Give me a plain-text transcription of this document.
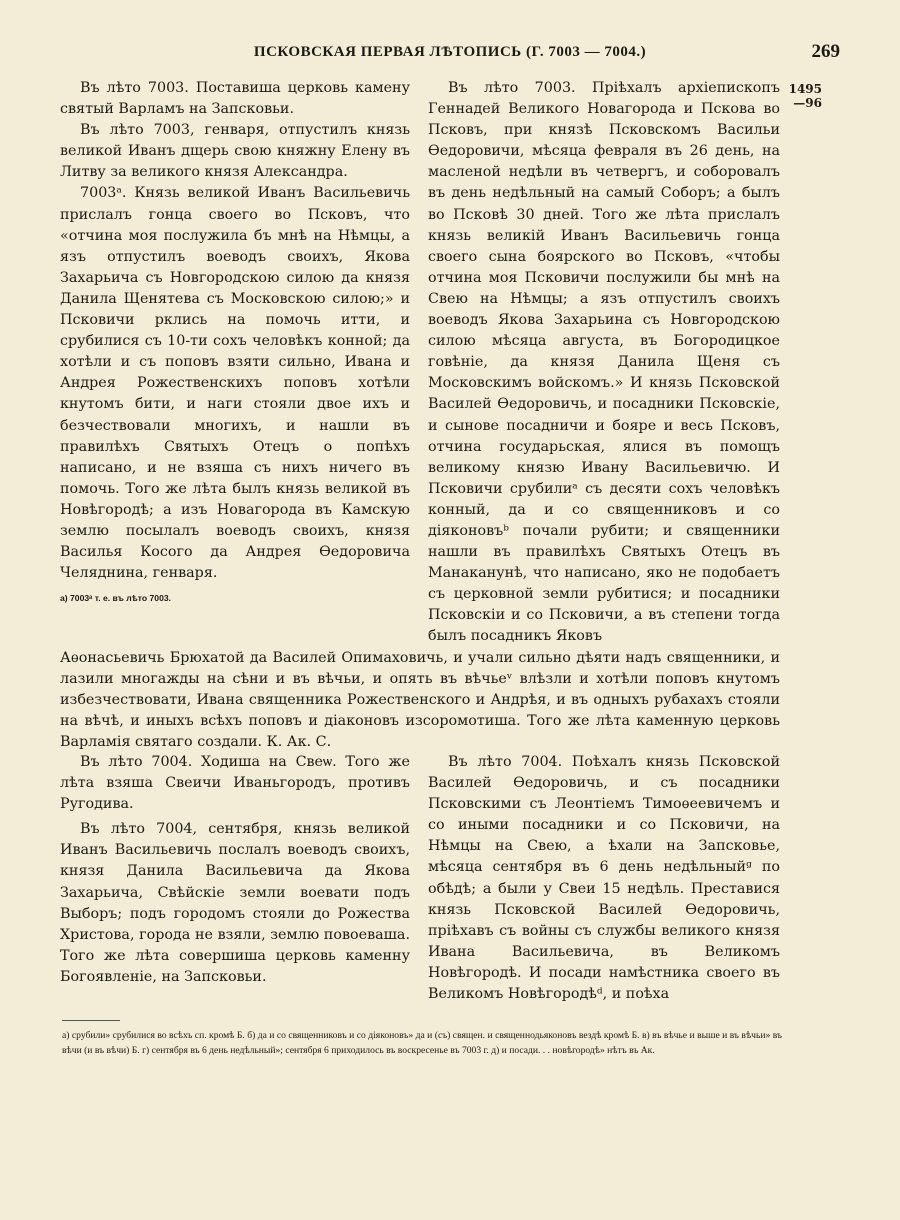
ПСКОВСКАЯ ПЕРВАЯ ЛѢТОПИСЬ (Г. 7003 — 7004.)	269
1495
—96

Въ лѣто 7003. Поставиша церковь камену святый Варламъ на Запсковьи.

Въ лѣто 7003, генваря, отпустилъ князь великой Иванъ дщерь свою княжну Елену въ Литву за великого князя Александра.

7003ᵃ. Князь великой Иванъ Васильевичь прислалъ гонца своего во Псковъ, что «отчина моя послужила бъ мнѣ на Нѣмцы, а язъ отпустилъ воеводъ своихъ, Якова Захарьича съ Новгородскою силою да князя Данила Щенятева съ Московскою силою;» и Псковичи рклись на помочь итти, и срубилися съ 10-ти сохъ человѣкъ конной; да хотѣли и съ поповъ взяти сильно, Ивана и Андрея Рожественскихъ поповъ хотѣли кнутомъ бити, и наги стояли двое ихъ и безчествовали многихъ, и нашли въ правилѣхъ Святыхъ Отецъ о попѣхъ написано, и не взяша съ нихъ ничего въ помочь. Того же лѣта былъ князь великой въ Новѣгородѣ; а изъ Новагорода въ Камскую землю посылалъ воеводъ своихъ, князя Василья Косого да Андрея Ѳедоровича Челяднина, генваря.

а) 7003ᵃ т. е. въ лѣто 7003.

Въ лѣто 7003. Пріѣхалъ архіепископъ Геннадей Великого Новагорода и Пскова во Псковъ, при князѣ Псковскомъ Васильи Ѳедоровичи, мѣсяца февраля въ 26 день, на масленой недѣли въ четвергъ, и соборовалъ въ день недѣльный на самый Соборъ; а былъ во Псковѣ 30 дней. Того же лѣта прислалъ князь великій Иванъ Васильевичь гонца своего сына боярского во Псковъ, «чтобы отчина моя Псковичи послужили бы мнѣ на Свею на Нѣмцы; а язъ отпустилъ своихъ воеводъ Якова Захарьина съ Новгородскою силою мѣсяца августа, въ Богородицкое говѣніе, да князя Данила Щеня съ Московскимъ войскомъ.» И князь Псковской Василей Ѳедоровичь, и посадники Псковскіе, и сынове посадничи и бояре и весь Псковъ, отчина государьская, ялися въ помощъ великому князю Ивану Васильевичю. И Псковичи срубилиᵃ съ десяти сохъ человѣкъ конный, да и со священниковъ и со діяконовъᵇ почали рубити; и священники нашли въ правилѣхъ Святыхъ Отецъ въ Манаканунѣ, что написано, яко не подобаетъ съ церковной земли рубитися; и посадники Псковскіи и со Псковичи, а въ степени тогда былъ посадникъ Яковъ

Аѳонасьевичь Брюхатой да Василей Опимаховичь, и учали сильно дѣяти надъ священники, и лазили многажды на сѣни и въ вѣчьи, и опять въ вѣчьеᵛ влѣзли и хотѣли поповъ кнутомъ избезчествовати, Ивана священника Рожественского и Андрѣя, и въ одныхъ рубахахъ стояли на вѣчѣ, и иныхъ всѣхъ поповъ и діаконовъ изсоромотиша. Того же лѣта каменную церковь Варламія святаго создали. К. Ак. С.

Въ лѣто 7004. Ходиша на Свеѡ. Того же лѣта взяша Свеичи Иваньгородъ, противъ Ругодива.

Въ лѣто 7004, сентября, князь великой Иванъ Васильевичь послалъ воеводъ своихъ, князя Данила Васильевича да Якова Захарьича, Свѣйскіе земли воевати подъ Выборъ; подъ городомъ стояли до Рожества Христова, города не взяли, землю повоеваша. Того же лѣта совершиша церковь каменну Богоявленіе, на Запсковьи.

Въ лѣто 7004. Поѣхалъ князь Псковской Василей Ѳедоровичь, и съ посадники Псковскими съ Леонтіемъ Тимоѳеевичемъ и со иными посадники и со Псковичи, на Нѣмцы на Свею, а ѣхали на Запсковье, мѣсяца сентября въ 6 день недѣльныйᵍ по обѣдѣ; а были у Свеи 15 недѣль. Преставися князь Псковской Василей Ѳедоровичь, пріѣхавъ съ войны съ службы великого князя Ивана Васильевича, въ Великомъ Новѣгородѣ. И посади намѣстника своего въ Великомъ Новѣгородѣᵈ, и поѣха

а) срубили» срубилися во всѣхъ сп. кромѣ Б. б) да и со священниковъ и со діяконовъ» да и (съ) священ. и священнодьяконовъ вездѣ кромѣ Б. в) въ вѣчье и выше и въ вѣчьи» въ вѣчи (и въ вѣчи) Б. г) сентября въ 6 день недѣльный»; сентября 6 приходилось въ воскресенье въ 7003 г. д) и посади. . . новѣгородѣ» нѣтъ въ Ак.
